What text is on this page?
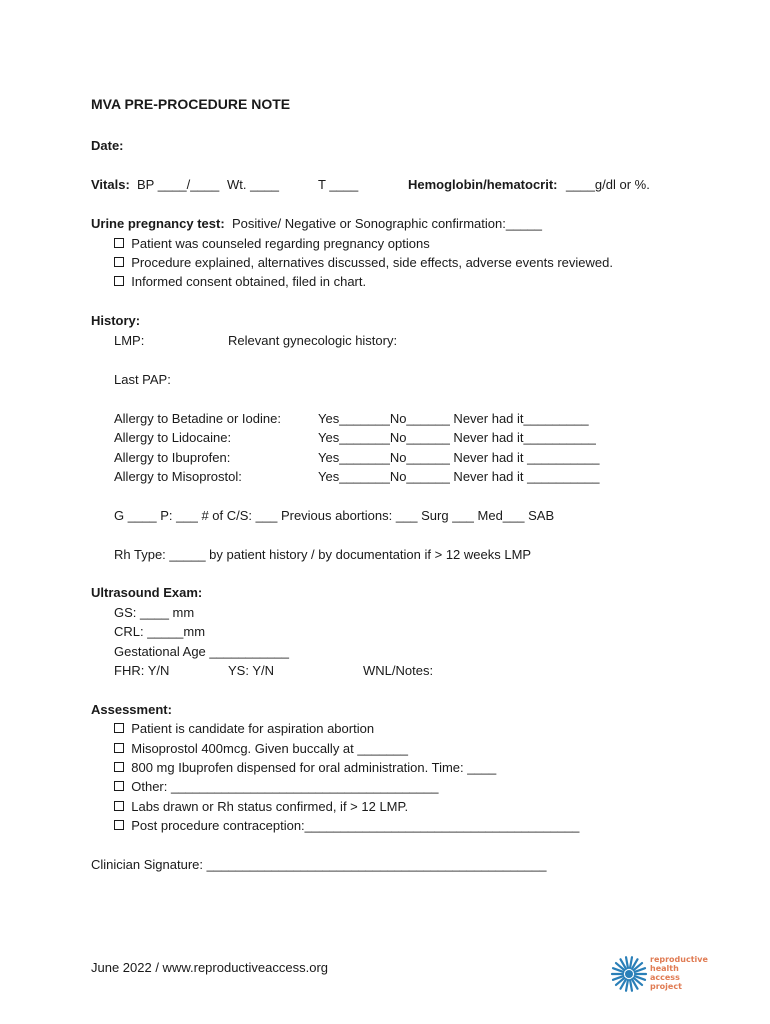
MVA PRE-PROCEDURE NOTE
Date:
Vitals: BP ____/____ Wt. ____	T ____	Hemoglobin/hematocrit: ____g/dl or %.
Urine pregnancy test: Positive/ Negative or Sonographic confirmation:_____
Patient was counseled regarding pregnancy options
Procedure explained, alternatives discussed, side effects, adverse events reviewed.
Informed consent obtained, filed in chart.
History:
LMP:	Relevant gynecologic history:
Last PAP:
Allergy to Betadine or Iodine:	Yes_______No______ Never had it_________
Allergy to Lidocaine:	Yes_______No______ Never had it__________
Allergy to Ibuprofen:	Yes_______No______ Never had it __________
Allergy to Misoprostol:	Yes_______No______ Never had it __________
G ____ P: ___ # of C/S: ___ Previous abortions: ___ Surg ___ Med___ SAB
Rh Type: _____ by patient history / by documentation if > 12 weeks LMP
Ultrasound Exam:
GS: ____ mm
CRL: _____mm
Gestational Age ___________
FHR: Y/N	YS: Y/N	WNL/Notes:
Assessment:
Patient is candidate for aspiration abortion
Misoprostol 400mcg. Given buccally at _______
800 mg Ibuprofen dispensed for oral administration. Time: ____
Other: _____________________________________
Labs drawn or Rh status confirmed, if > 12 LMP.
Post procedure contraception:______________________________________
Clinician Signature: _______________________________________________
June 2022 / www.reproductiveaccess.org
reproductive
health
access
project
